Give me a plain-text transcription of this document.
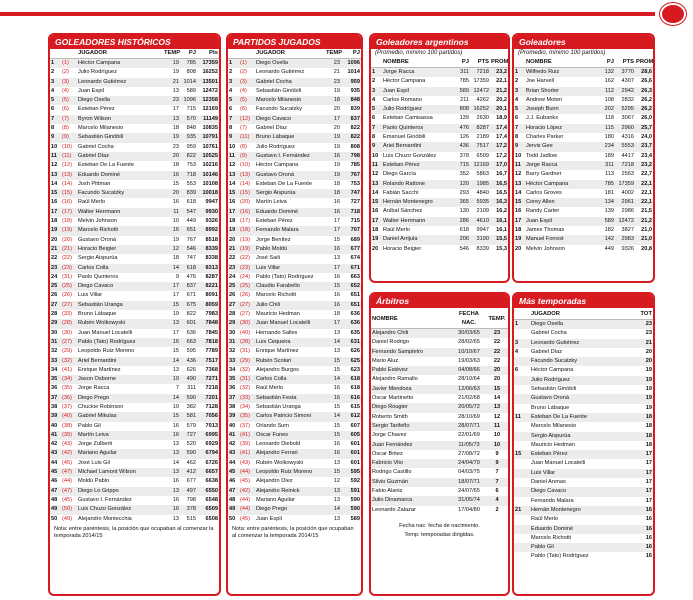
GOLEADORES HISTÓRICOS
		JUGADOR	TEMP	PJ	Pts
1	(1)	Héctor Campana	19	785	17359
2	(2)	Julio Rodríguez	19	808	16252
3	(3)	Leonardo Gutiérrez	21	1014	13501
4	(4)	Juan Espil	13	589	12472
5	(5)	Diego Osella	23	1096	12358
6	(6)	Esteban Pérez	17	715	12169
7	(7)	Byron Wilson	13	570	11149
8	(8)	Marcelo Milanesio	18	848	10835
9	(9)	Sebastián Ginóbili	19	935	10791
10	(10)	Gabriel Cocha	23	959	10761
11	(11)	Gabriel Díaz	20	822	10525
12	(12)	Esteban De La Fuente	18	753	10216
13	(13)	Eduardo Dominé	16	718	10146
14	(14)	Josh Pittman	15	553	10108
15	(15)	Facundo Sucatzky	20	839	10018
16	(16)	Raúl Merlo	16	618	9947
17	(17)	Walter Herrmann	11	547	9930
18	(18)	Melvin Johnson	10	449	9326
19	(19)	Marcelo Richotti	16	651	8992
20	(20)	Gustavo Oroná	19	767	8518
21	(21)	Horacio Beigier	12	546	8339
22	(22)	Sergio Aispurúa	18	747	8338
23	(23)	Carlos Colla	14	618	8313
24	(31)	Paolo Quinteros	9	476	8287
25	(25)	Diego Cavaco	17	837	8221
26	(26)	Luis Villar	17	671	8091
27	(27)	Sebastián Uranga	15	675	8059
28	(33)	Bruno Lábaque	19	822	7983
29	(28)	Rubén Wolkowyski	13	601	7848
30	(30)	Juan Manuel Locatelli	17	636	7845
31	(27)	Pablo (Tato) Rodríguez	16	663	7818
32	(29)	Leopoldo Ruiz Moreno	15	595	7789
33	(32)	Ariel Bernardini	14	436	7517
34	(41)	Enrique Martínez	13	626	7368
35	(34)	Jason Osborne	10	490	7271
36	(35)	Jorge Racca	7	311	7218
37	(36)	Diego Prego	14	590	7201
38	(37)	Chuckie Robinson	10	382	7128
39	(40)	Gabriel Mikulas	15	581	7056
40	(38)	Pablo Gil	16	579	7013
41	(39)	Martín Leiva	16	727	6995
42	(43)	Jorge Zulberti	13	520	6929
43	(42)	Mariano Aguilar	13	590	6794
44	(45)	José Luis Gil	14	462	6726
45	(47)	Michael Lamont Wilson	13	412	6657
46	(44)	Moldú Pablo	16	677	6638
47	(47)	Diego Lo Grippo	13	497	6550
48	(45)	Gustavo I. Fernández	16	798	6548
49	(50)	Luis Chuzo González	16	378	6509
50	(49)	Alejandro Montecchia	13	515	6508
Nota: entre paréntesis, la posición que ocupaban al comenzar la temporada 2014/15
PARTIDOS JUGADOS
		JUGADOR	TEMP	PJ
1	(1)	Diego Osella	23	1096
2	(2)	Leonardo Gutiérrez	21	1014
3	(3)	Gabriel Cocha	23	959
4	(4)	Sebastián Ginóbili	19	935
5	(5)	Marcelo Milanesio	18	848
6	(6)	Facundo Sucatzky	20	839
7	(12)	Diego Cavaco	17	837
8	(7)	Gabriel Díaz	20	822
9	(11)	Bruno Lábaque	19	822
10	(8)	Julio Rodríguez	19	808
11	(9)	Gustavo I. Fernández	16	798
12	(10)	Héctor Campana	19	785
13	(13)	Gustavo Oroná	19	767
14	(14)	Esteban De La Fuente	18	753
15	(15)	Sergio Aispurúa	18	747
16	(20)	Martín Leiva	16	727
17	(16)	Eduardo Dominé	16	718
18	(17)	Esteban Pérez	17	715
19	(18)	Fernando Malara	17	707
20	(19)	Jorge Benítez	15	689
21	(19)	Pablo Moldú	16	677
22	(22)	José Saili	13	674
23	(23)	Luis Villar	17	671
24	(24)	Pablo (Tato) Rodríguez	16	663
25	(25)	Claudio Farabello	15	652
26	(26)	Marcelo Richotti	16	651
27	(27)	Julio Chili	16	651
28	(27)	Mauricio Hedman	18	636
29	(30)	Juan Manuel Locatelli	17	636
30	(40)	Hernando Salles	13	635
31	(28)	Luis Cequeira	14	631
32	(31)	Enrique Martínez	13	626
33	(29)	Rubén Scolari	15	625
34	(32)	Alejandro Burgos	15	623
35	(31)	Carlos Colla	14	618
36	(32)	Raúl Merlo	16	618
37	(33)	Sebastián Festa	16	616
38	(34)	Sebastián Uranga	15	615
39	(35)	Carlos Patricio Simoni	14	612
40	(37)	Orlando Sum	15	607
41	(41)	Oscar Funes	15	605
42	(39)	Leonardo Diebold	16	601
43	(41)	Alejandro Ferrari	16	601
44	(43)	Rubén Wolkowyski	13	601
45	(44)	Leopoldo Ruiz Moreno	15	595
46	(45)	Alejandro Díez	12	592
47	(42)	Alejandro Reinick	13	591
48	(44)	Mariano Aguilar	13	590
49	(44)	Diego Prego	14	590
50	(45)	Juan Espil	13	589
Nota: entre paréntesis, la posición que ocupaban al comenzar la temporada 2014/15
Goleadores argentinos
(Promedio, mínimo 100 partidos)
	NOMBRE	PJ	PTS	PROM
1	Jorge Racca	311	7218	23,2
2	Héctor Campana	785	17359	22,1
3	Juan Espil	589	12472	21,2
4	Carlos Romano	211	4262	20,2
5	Julio Rodríguez	808	16252	20,1
6	Esteban Camisassa	139	2630	18,9
7	Paolo Quinteros	476	8287	17,4
8	Emanuel Ginóbili	126	2189	17,4
9	Ariel Bernardini	436	7517	17,2
10	Luis Chuzo González	378	6509	17,2
11	Esteban Pérez	715	12169	17,0
12	Diego García	352	5863	16,7
13	Rolando Rattone	120	1985	16,5
14	Fabián Sacchi	293	4840	16,5
15	Hernán Montenegro	365	5935	16,3
16	Aníbal Sánchez	130	2109	16,2
17	Walter Herrmann	286	4610	16,1
18	Raúl Merlo	618	9947	16,1
19	Daniel Arrijula	206	3190	15,5
20	Horacio Beigier	546	8339	15,3
Goleadores
(Promedio, mínimo 100 partidos)
	NOMBRE	PJ	PTS	PROM
1	Wilfredo Ruiz	132	3770	28,6
2	Joe Harvell	162	4307	26,6
3	Brian Shorter	112	2942	26,3
4	Andrew Moten	108	2832	26,2
5	Joseph Bunn	202	5295	26,2
6	J.J. Eubanks	118	3067	26,0
7	Horacio López	115	2960	25,7
8	Charles Parker	180	4316	24,0
9	Jervis Gee	234	5553	23,7
10	Todd Jadlow	189	4417	23,4
11	Jorge Racca	311	7218	23,2
12	Barry Gardner	113	2563	22,7
13	Héctor Campana	785	17359	22,1
14	Carlos Groves	181	4002	22,1
15	Corey Allen	134	2961	22,1
16	Randy Carter	139	2986	21,5
17	Juan Espil	589	12472	21,2
18	James Thomas	182	3827	21,0
19	Manuel Forrest	142	2983	21,0
20	Melvin Johnson	449	9326	20,8
Árbitros
NOMBRE	FECHA NAC.	TEMP.
Alejandro Chiti	30/03/65	23
Daniel Rodrigo	28/02/65	22
Fernando Sampietro	10/10/67	22
Mario Aluz	19/03/63	22
Pablo Estévez	04/08/66	20
Alejandro Ramallo	28/10/64	20
Javier Mendoza	12/06/63	15
Oscar Martinetto	21/02/68	14
Diego Rougier	20/05/72	13
Roberto Smith	28/10/69	12
Sergio Tarifeño	28/07/71	11
Jorge Chavez	22/01/69	10
Juan Fernández	11/05/73	10
Oscar Britez	27/08/72	9
Fabricio Vito	24/04/70	9
Rodrigo Castillo	04/03/75	7
Silvio Guzmán	18/07/71	7
Fabio Alaniz	24/07/65	6
Julio Dinamarca	31/05/74	4
Leonardo Zalazar	17/04/80	2
Fecha nac: fecha de nacimiento.
Temp: temporadas dirigidas.
Más temporadas
	JUGADOR	TOT
1	Diego Osella	23
	Gabriel Cocha	23
3	Leonardo Gutiérrez	21
4	Gabriel Díaz	20
	Facundo Sucatzky	20
6	Héctor Campana	19
	Julio Rodríguez	19
	Sebastián Ginóbili	19
	Gustavo Oroná	19
	Bruno Lábaque	19
11	Esteban De La Fuente	18
	Marcelo Milanesio	18
	Sergio Aispurúa	18
	Mauricio Hedman	18
15	Esteban Pérez	17
	Juan Manuel Locatelli	17
	Luis Villar	17
	Daniel Arenas	17
	Diego Cavaco	17
	Fernando Malara	17
21	Hernán Montenegro	16
	Raúl Merlo	16
	Eduardo Dominé	16
	Marcelo Richotti	16
	Pablo Gil	16
	Pablo (Tato) Rodríguez	16
